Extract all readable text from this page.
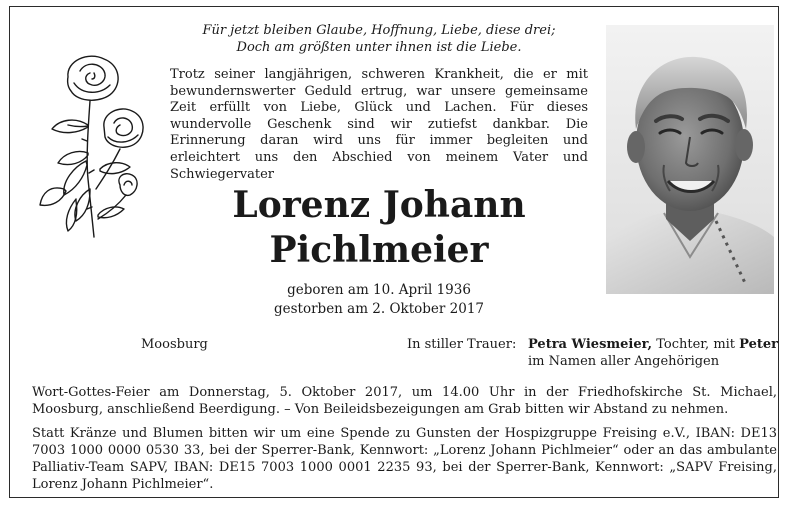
Für jetzt bleiben Glaube, Hoffnung, Liebe, diese drei;
Doch am größten unter ihnen ist die Liebe.

Trotz seiner langjährigen, schweren Krankheit, die er mit bewundernswerter Geduld ertrug, war unsere gemeinsame Zeit erfüllt von Liebe, Glück und Lachen. Für dieses wundervolle Geschenk sind wir zutiefst dankbar. Die Erinnerung daran wird uns für immer begleiten und erleichtert uns den Abschied von meinem Vater und Schwiegervater

Lorenz Johann
Pichlmeier
geboren am 10. April 1936
gestorben am 2. Oktober 2017
Moosburg	In stiller Trauer: Petra Wiesmeier, Tochter, mit Peter
im Namen aller Angehörigen

Wort-Gottes-Feier am Donnerstag, 5. Oktober 2017, um 14.00 Uhr in der Friedhofskirche St. Michael, Moosburg, anschließend Beerdigung. – Von Beileidsbezeigungen am Grab bitten wir Abstand zu nehmen.

Statt Kränze und Blumen bitten wir um eine Spende zu Gunsten der Hospizgruppe Freising e.V., IBAN: DE13 7003 1000 0000 0530 33, bei der Sperrer-Bank, Kennwort: „Lorenz Johann Pichlmeier“ oder an das ambulante Palliativ-Team SAPV, IBAN: DE15 7003 1000 0001 2235 93, bei der Sperrer-Bank, Kennwort: „SAPV Freising, Lorenz Johann Pichlmeier“.
